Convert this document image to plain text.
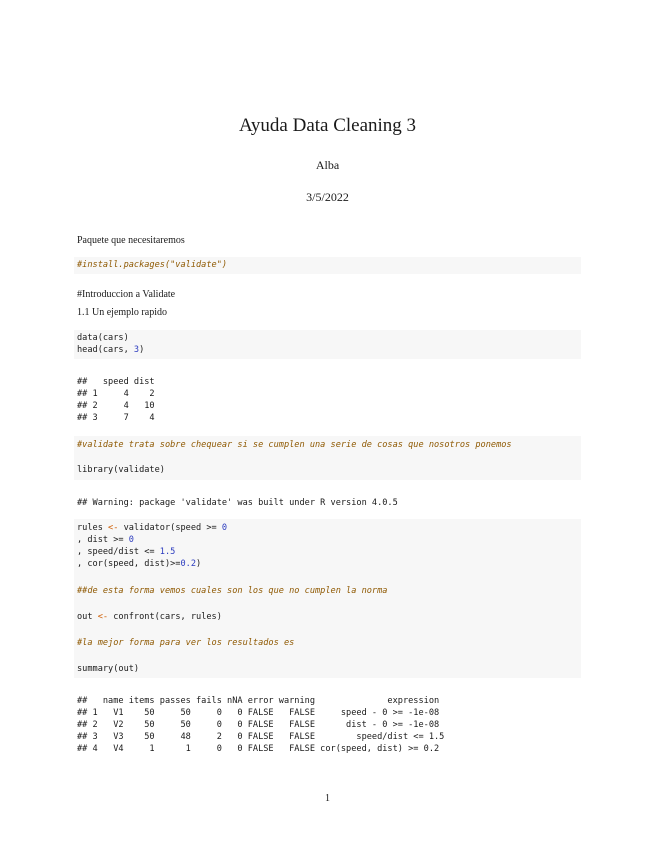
Ayuda Data Cleaning 3
Alba
3/5/2022
Paquete que necesitaremos
#install.packages("validate")
#Introduccion a Validate
1.1 Un ejemplo rapido
data(cars)
head(cars, 3)
##   speed dist
## 1     4    2
## 2     4   10
## 3     7    4
#validate trata sobre chequear si se cumplen una serie de cosas que nosotros ponemos
library(validate)
## Warning: package 'validate' was built under R version 4.0.5
rules <- validator(speed >= 0
, dist >= 0
, speed/dist <= 1.5
, cor(speed, dist)>=0.2)
##de esta forma vemos cuales son los que no cumplen la norma
out <- confront(cars, rules)
#la mejor forma para ver los resultados es
summary(out)
##   name items passes fails nNA error warning              expression
## 1   V1    50     50     0   0 FALSE   FALSE     speed - 0 >= -1e-08
## 2   V2    50     50     0   0 FALSE   FALSE      dist - 0 >= -1e-08
## 3   V3    50     48     2   0 FALSE   FALSE        speed/dist <= 1.5
## 4   V4     1      1     0   0 FALSE   FALSE cor(speed, dist) >= 0.2
1
